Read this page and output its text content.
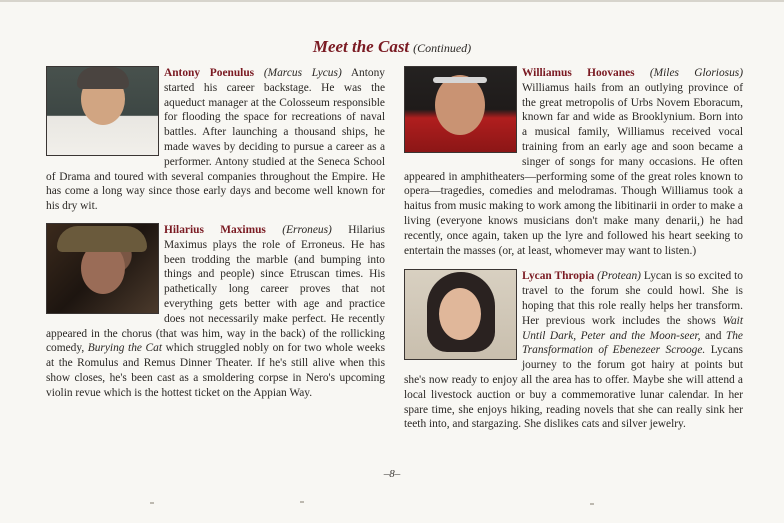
Meet the Cast (Continued)

Antony Poenulus (Marcus Lycus) Antony started his career backstage. He was the aqueduct manager at the Colosseum responsible for flooding the space for recreations of naval battles. After launching a thousand ships, he made waves by deciding to pursue a career as a performer. Antony studied at the Seneca School of Drama and toured with several companies throughout the Empire. He has come a long way since those early days and become well known for his dry wit.

Hilarius Maximus (Erroneus) Hilarius Maximus plays the role of Erroneus. He has been trodding the marble (and bumping into things and people) since Etruscan times. His pathetically long career proves that not everything gets better with age and practice does not necessarily make perfect. He recently appeared in the chorus (that was him, way in the back) of the rollicking comedy, Burying the Cat which struggled nobly on for two whole weeks at the Romulus and Remus Dinner Theater. If he's still alive when this show closes, he's been cast as a smoldering corpse in Nero's upcoming violin revue which is the hottest ticket on the Appian Way.

Williamus Hoovanes (Miles Gloriosus) Williamus hails from an outlying province of the great metropolis of Urbs Novem Eboracum, known far and wide as Brooklynium. Born into a musical family, Williamus received vocal training from an early age and soon became a singer of songs for many occasions. He often appeared in amphitheaters—performing some of the great roles known to opera—tragedies, comedies and melodramas. Though Williamus took a haitus from music making to work among the libitinarii in order to make a living (everyone knows musicians don't make many denarii,) he had recently, once again, taken up the lyre and followed his heart seeking to entertain the masses (or, at least, whomever may want to listen.)

Lycan Thropia (Protean) Lycan is so excited to travel to the forum she could howl. She is hoping that this role really helps her transform. Her previous work includes the shows Wait Until Dark, Peter and the Moon-seer, and The Transformation of Ebenezeer Scrooge. Lycans journey to the forum got hairy at points but she's now ready to enjoy all the area has to offer. Maybe she will attend a local livestock auction or buy a commemorative lunar calendar. In her spare time, she enjoys hiking, reading novels that she can really sink her teeth into, and stargazing. She dislikes cats and silver jewelry.

–8–
